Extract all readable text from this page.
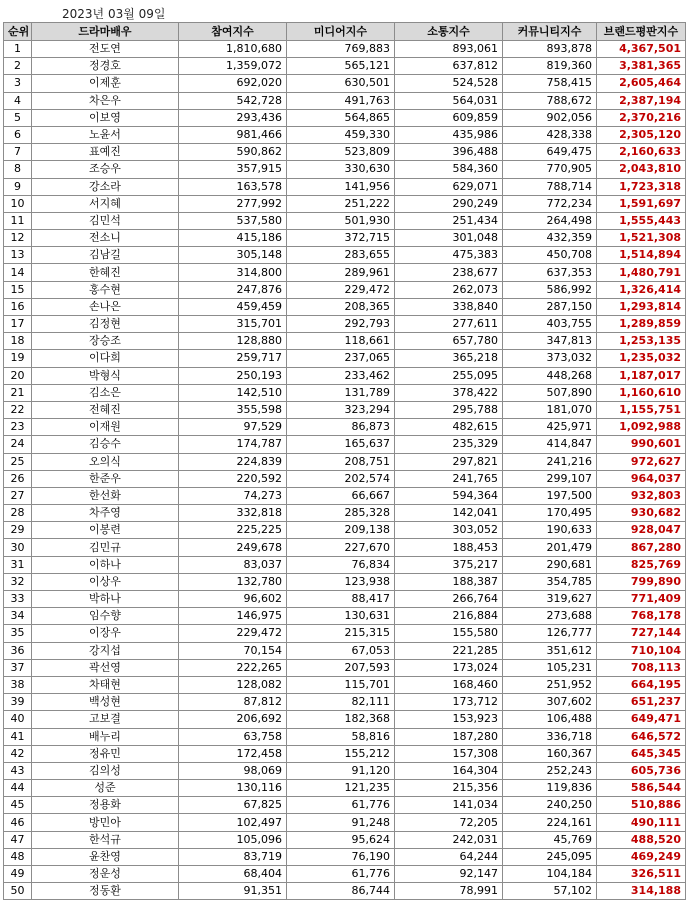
2023년 03월 09일
순위	드라마배우	참여지수	미디어지수	소통지수	커뮤니티지수	브랜드평판지수
1	전도연	1,810,680	769,883	893,061	893,878	4,367,501
2	정경호	1,359,072	565,121	637,812	819,360	3,381,365
3	이제훈	692,020	630,501	524,528	758,415	2,605,464
4	차은우	542,728	491,763	564,031	788,672	2,387,194
5	이보영	293,436	564,865	609,859	902,056	2,370,216
6	노윤서	981,466	459,330	435,986	428,338	2,305,120
7	표예진	590,862	523,809	396,488	649,475	2,160,633
8	조승우	357,915	330,630	584,360	770,905	2,043,810
9	강소라	163,578	141,956	629,071	788,714	1,723,318
10	서지혜	277,992	251,222	290,249	772,234	1,591,697
11	김민석	537,580	501,930	251,434	264,498	1,555,443
12	전소니	415,186	372,715	301,048	432,359	1,521,308
13	김남길	305,148	283,655	475,383	450,708	1,514,894
14	한혜진	314,800	289,961	238,677	637,353	1,480,791
15	홍수현	247,876	229,472	262,073	586,992	1,326,414
16	손나은	459,459	208,365	338,840	287,150	1,293,814
17	김정현	315,701	292,793	277,611	403,755	1,289,859
18	장승조	128,880	118,661	657,780	347,813	1,253,135
19	이다희	259,717	237,065	365,218	373,032	1,235,032
20	박형식	250,193	233,462	255,095	448,268	1,187,017
21	김소은	142,510	131,789	378,422	507,890	1,160,610
22	전혜진	355,598	323,294	295,788	181,070	1,155,751
23	이재원	97,529	86,873	482,615	425,971	1,092,988
24	김승수	174,787	165,637	235,329	414,847	990,601
25	오의식	224,839	208,751	297,821	241,216	972,627
26	한준우	220,592	202,574	241,765	299,107	964,037
27	한선화	74,273	66,667	594,364	197,500	932,803
28	차주영	332,818	285,328	142,041	170,495	930,682
29	이봉련	225,225	209,138	303,052	190,633	928,047
30	김민규	249,678	227,670	188,453	201,479	867,280
31	이하나	83,037	76,834	375,217	290,681	825,769
32	이상우	132,780	123,938	188,387	354,785	799,890
33	박하나	96,602	88,417	266,764	319,627	771,409
34	임수향	146,975	130,631	216,884	273,688	768,178
35	이장우	229,472	215,315	155,580	126,777	727,144
36	강지섭	70,154	67,053	221,285	351,612	710,104
37	곽선영	222,265	207,593	173,024	105,231	708,113
38	차태현	128,082	115,701	168,460	251,952	664,195
39	백성현	87,812	82,111	173,712	307,602	651,237
40	고보결	206,692	182,368	153,923	106,488	649,471
41	배누리	63,758	58,816	187,280	336,718	646,572
42	정유민	172,458	155,212	157,308	160,367	645,345
43	김의성	98,069	91,120	164,304	252,243	605,736
44	성준	130,116	121,235	215,356	119,836	586,544
45	정용화	67,825	61,776	141,034	240,250	510,886
46	방민아	102,497	91,248	72,205	224,161	490,111
47	한석규	105,096	95,624	242,031	45,769	488,520
48	윤찬영	83,719	76,190	64,244	245,095	469,249
49	정운성	68,404	61,776	92,147	104,184	326,511
50	정동환	91,351	86,744	78,991	57,102	314,188
